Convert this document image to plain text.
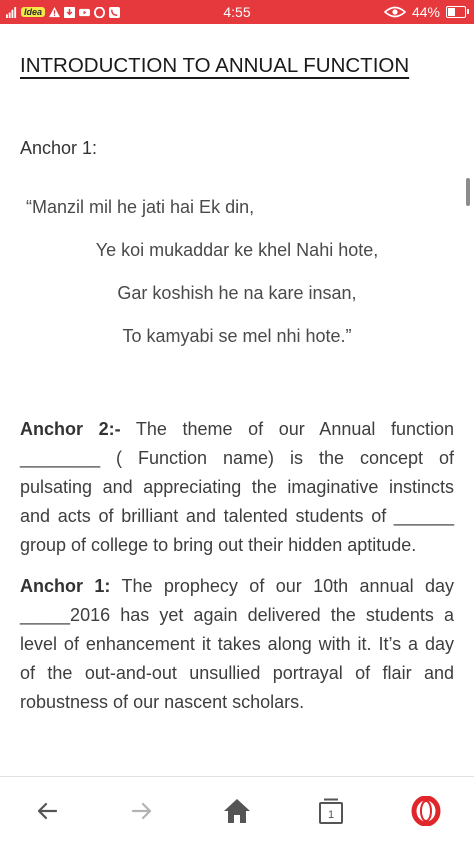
Idea	4:55	44%
INTRODUCTION TO ANNUAL FUNCTION
Anchor 1:
“Manzil mil he jati hai Ek din,
Ye koi mukaddar ke khel Nahi hote,
Gar koshish he na kare insan,
To kamyabi se mel nhi hote.”

Anchor 2:- The theme of our Annual function ________ ( Function name) is the concept of pulsating and appreciating the imaginative instincts and acts of brilliant and talented students of ______ group of college to bring out their hidden aptitude.

Anchor 1: The prophecy of our 10th annual day _____2016 has yet again delivered the students a level of enhancement it takes along with it. It’s a day of the out-and-out unsullied portrayal of flair and robustness of our nascent scholars.

1
